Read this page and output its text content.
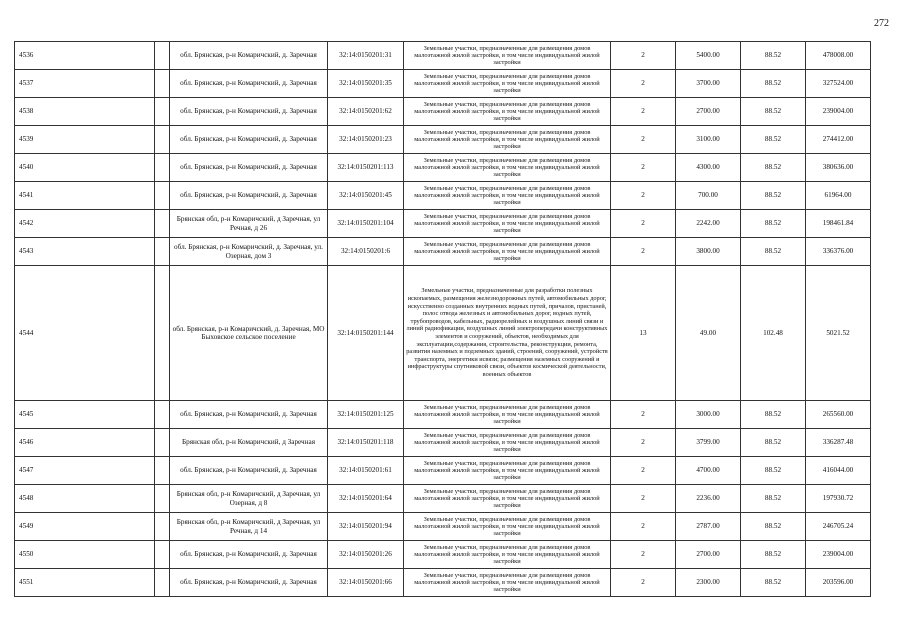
272
4536		обл. Брянская, р-н Комаричский, д. Заречная	32:14:0150201:31	Земельные участки, предназначенные для размещения домов малоэтажной жилой застройки, в том числе индивидуальной жилой застройки	2	5400.00	88.52	478008.00
4537		обл. Брянская, р-н Комаричский, д. Заречная	32:14:0150201:35	Земельные участки, предназначенные для размещения домов малоэтажной жилой застройки, в том числе индивидуальной жилой застройки	2	3700.00	88.52	327524.00
4538		обл. Брянская, р-н Комаричский, д. Заречная	32:14:0150201:62	Земельные участки, предназначенные для размещения домов малоэтажной жилой застройки, в том числе индивидуальной жилой застройки	2	2700.00	88.52	239004.00
4539		обл. Брянская, р-н Комаричский, д. Заречная	32:14:0150201:23	Земельные участки, предназначенные для размещения домов малоэтажной жилой застройки, в том числе индивидуальной жилой застройки	2	3100.00	88.52	274412.00
4540		обл. Брянская, р-н Комаричский, д. Заречная	32:14:0150201:113	Земельные участки, предназначенные для размещения домов малоэтажной жилой застройки, в том числе индивидуальной жилой застройки	2	4300.00	88.52	380636.00
4541		обл. Брянская, р-н Комаричский, д. Заречная	32:14:0150201:45	Земельные участки, предназначенные для размещения домов малоэтажной жилой застройки, в том числе индивидуальной жилой застройки	2	700.00	88.52	61964.00
4542		Брянская обл, р-н Комаричский, д Заречная, ул Речная, д 26	32:14:0150201:104	Земельные участки, предназначенные для размещения домов малоэтажной жилой застройки, в том числе индивидуальной жилой застройки	2	2242.00	88.52	198461.84
4543		обл. Брянская, р-н Комаричский, д. Заречная, ул. Озерная, дом 3	32:14:0150201:6	Земельные участки, предназначенные для размещения домов малоэтажной жилой застройки, в том числе индивидуальной жилой застройки	2	3800.00	88.52	336376.00
4544		обл. Брянская, р-н Комаричский, д. Заречная, МО Быховское сельское поселение	32:14:0150201:144	Земельные участки, предназначенные для разработки полезных ископаемых, размещения железнодорожных путей, автомобильных дорог, искусственно созданных внутренних водных путей, причалов, пристаней, полос отвода железных и автомобильных дорог, водных путей, трубопроводов, кабельных, радиорелейных и воздушных линий связи и линий радиофикации, воздушных линий электропередачи конструктивных элементов и сооружений, объектов, необходимых для эксплуатации,содержания, строительства, реконструкции, ремонта, развития наземных и подземных зданий, строений, сооружений, устройств транспорта, энергетики исвязи; размещения наземных сооружений и инфраструктуры спутниковой связи, объектов космической деятельности, военных объектов	13	49.00	102.48	5021.52
4545		обл. Брянская, р-н Комаричский, д. Заречная	32:14:0150201:125	Земельные участки, предназначенные для размещения домов малоэтажной жилой застройки, в том числе индивидуальной жилой застройки	2	3000.00	88.52	265560.00
4546		Брянская обл, р-н Комаричский, д Заречная	32:14:0150201:118	Земельные участки, предназначенные для размещения домов малоэтажной жилой застройки, в том числе индивидуальной жилой застройки	2	3799.00	88.52	336287.48
4547		обл. Брянская, р-н Комаричский, д. Заречная	32:14:0150201:61	Земельные участки, предназначенные для размещения домов малоэтажной жилой застройки, в том числе индивидуальной жилой застройки	2	4700.00	88.52	416044.00
4548		Брянская обл, р-н Комаричский, д Заречная, ул Озерная, д 8	32:14:0150201:64	Земельные участки, предназначенные для размещения домов малоэтажной жилой застройки, в том числе индивидуальной жилой застройки	2	2236.00	88.52	197930.72
4549		Брянская обл, р-н Комаричский, д Заречная, ул Речная, д 14	32:14:0150201:94	Земельные участки, предназначенные для размещения домов малоэтажной жилой застройки, в том числе индивидуальной жилой застройки	2	2787.00	88.52	246705.24
4550		обл. Брянская, р-н Комаричский, д. Заречная	32:14:0150201:26	Земельные участки, предназначенные для размещения домов малоэтажной жилой застройки, в том числе индивидуальной жилой застройки	2	2700.00	88.52	239004.00
4551		обл. Брянская, р-н Комаричский, д. Заречная	32:14:0150201:66	Земельные участки, предназначенные для размещения домов малоэтажной жилой застройки, в том числе индивидуальной жилой застройки	2	2300.00	88.52	203596.00
